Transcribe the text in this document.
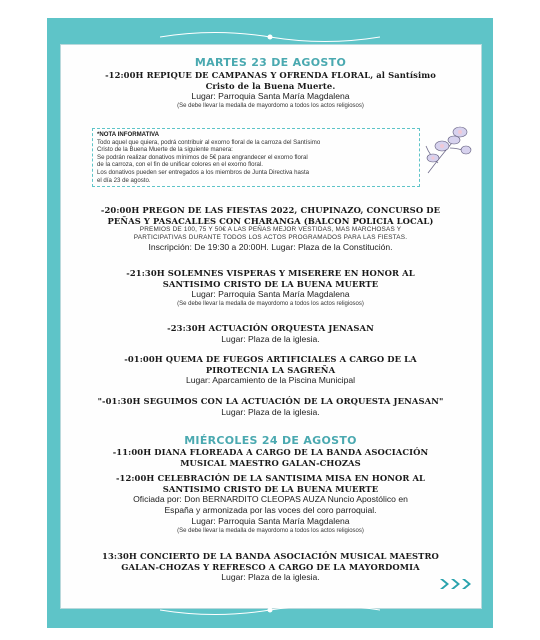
MARTES 23 DE AGOSTO
-12:00H REPIQUE DE CAMPANAS Y OFRENDA FLORAL, al Santísimo
Cristo de la Buena Muerte.
Lugar: Parroquia Santa María Magdalena
(Se debe llevar la medalla de mayordomo a todos los actos religiosos)
*NOTA INFORMATIVA
Todo aquel que quiera, podrá contribuir al exorno floral de la carroza del Santísimo
Cristo de la Buena Muerte de la siguiente manera:
Se podrán realizar donativos mínimos de 5€ para engrandecer el exorno floral
de la carroza, con el fin de unificar colores en el exorno floral.
Los donativos pueden ser entregados a los miembros de Junta Directiva hasta
el día 23 de agosto.
-20:00H PREGON DE LAS FIESTAS 2022, CHUPINAZO, CONCURSO DE
PEÑAS Y PASACALLES CON CHARANGA (BALCON POLICIA LOCAL)
PREMIOS DE 100, 75 Y 50€ A LAS PEÑAS MEJOR VESTIDAS, MAS MARCHOSAS Y
PARTICIPATIVAS DURANTE TODOS LOS ACTOS PROGRAMADOS PARA LAS FIESTAS.
Inscripción: De 19:30 a 20:00H. Lugar: Plaza de la Constitución.
-21:30H SOLEMNES VISPERAS Y MISERERE EN HONOR AL
SANTISIMO CRISTO DE LA BUENA MUERTE
Lugar: Parroquia Santa María Magdalena
(Se debe llevar la medalla de mayordomo a todos los actos religiosos)
-23:30H ACTUACIÓN ORQUESTA JENASAN
Lugar: Plaza de la iglesia.
-01:00H QUEMA DE FUEGOS ARTIFICIALES A CARGO DE LA
PIROTECNIA LA SAGREÑA
Lugar: Aparcamiento de la Piscina Municipal
"-01:30H SEGUIMOS CON LA ACTUACIÓN DE LA ORQUESTA JENASAN"
Lugar: Plaza de la iglesia.
MIÉRCOLES 24 DE AGOSTO
-11:00H DIANA FLOREADA A CARGO DE LA BANDA ASOCIACIÓN
MUSICAL MAESTRO GALAN-CHOZAS
-12:00H CELEBRACIÓN DE LA SANTISIMA MISA EN HONOR AL
SANTISIMO CRISTO DE LA BUENA MUERTE
Oficiada por: Don BERNARDITO CLEOPAS AUZA Nuncio Apostólico en
España y armonizada por las voces del coro parroquial.
Lugar: Parroquia Santa María Magdalena
(Se debe llevar la medalla de mayordomo a todos los actos religiosos)
13:30H CONCIERTO DE LA BANDA ASOCIACIÓN MUSICAL MAESTRO
GALAN-CHOZAS Y REFRESCO A CARGO DE LA MAYORDOMIA
Lugar: Plaza de la iglesia.
